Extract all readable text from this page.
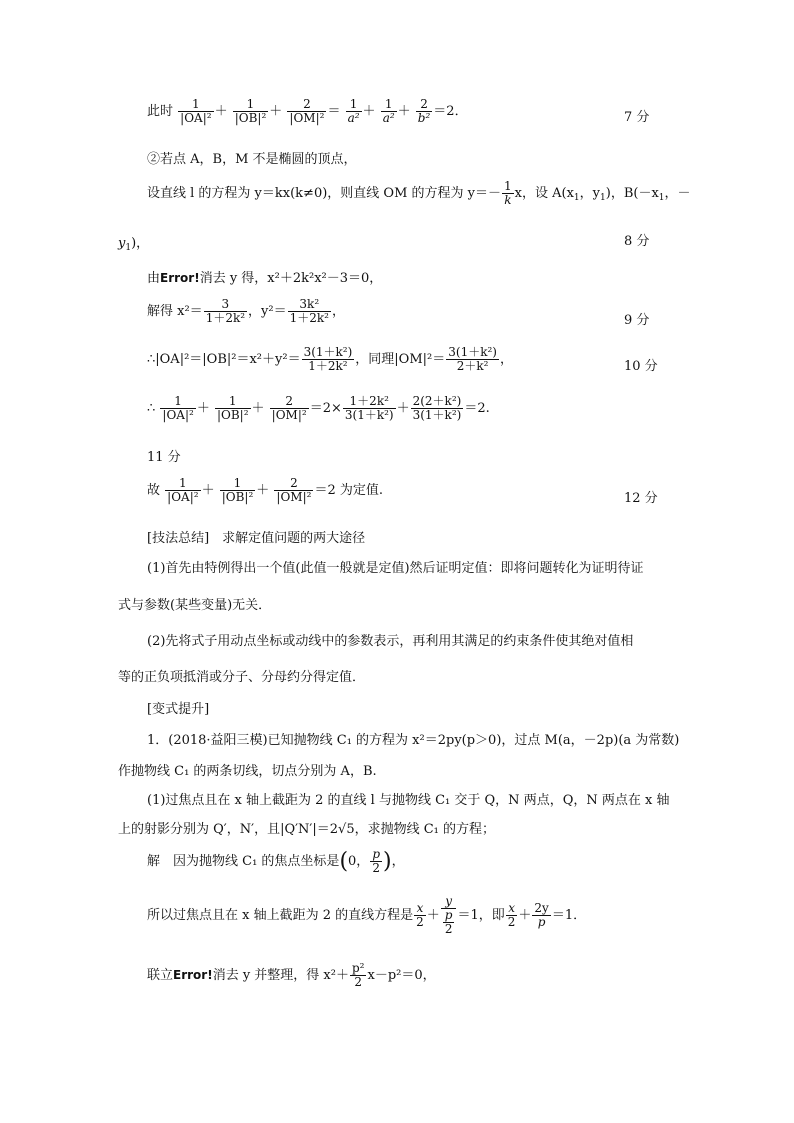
此时 $\frac{1}{\text{|OA|²}} + \frac{1}{\text{|OB|²}} + \frac{2}{\text{|OM|²}} = \frac{1}{\text{a²}} + \frac{1}{\text{a²}} + \frac{2}{\text{b²}} =2$．	7 分
②若点 A，B，M 不是椭圆的顶点，
设直线 l 的方程为 y＝kx(k≠0)，则直线 OM 的方程为 $y=- \frac{1}{k}$ x，设 $A(x_1$，$y_1$)，$B(-x_1$，－
$y_1$)，	8 分
由Error!消去 y 得，x²＋2k²x²－3＝0，
解得 $x^2= \frac{3}{\text{1＋2k²}}$ ，$y^2= \frac{\text{3k²}}{\text{1＋2k²}}$ ，
9 分
∴|OA|²＝|OB|²＝x²＋y²＝ $\frac{\text{3(1＋k²)}}{\text{1＋2k²}}$ ，同理$|OM|^2= \frac{\text{3(1＋k²)}}{\text{2＋k²}}$ ，	10 分
∴ $\frac{1}{\text{|OA|²}} + \frac{1}{\text{|OB|²}} + \frac{2}{\text{|OM|²}} =2\times \frac{\text{1＋2k²}}{\text{3(1＋k²)}} + \frac{\text{2(2＋k²)}}{\text{3(1＋k²)}} =2$.
11 分
故 $\frac{1}{\text{|OA|²}} + \frac{1}{\text{|OB|²}} + \frac{2}{\text{|OM|²}} =2$ 为定值.
12 分
[技法总结]　求解定值问题的两大途径
(1)首先由特例得出一个值(此值一般就是定值)然后证明定值：即将问题转化为证明待证
式与参数(某些变量)无关．
(2)先将式子用动点坐标或动线中的参数表示，再利用其满足的约束条件使其绝对值相
等的正负项抵消或分子、分母约分得定值．
[变式提升]
1．(2018·益阳三模)已知抛物线 C₁ 的方程为 x²＝2py(p＞0)，过点 M(a，－2p)(a 为常数)
作抛物线 C₁ 的两条切线，切点分别为 A，B.
(1)过焦点且在 x 轴上截距为 2 的直线 l 与抛物线 C₁ 交于 Q，N 两点，Q，N 两点在 x 轴
上的射影分别为 Q′，N′，且|Q′N′|＝2√5，求抛物线 C₁ 的方程；
解　因为抛物线 C₁ 的焦点坐标是(0， $\frac{p}{2}$ )，
所以过焦点且在 x 轴上截距为 2 的直线方程是 $\frac{x}{2} + \frac{y}{\frac{p}{2}} =1$，即 $\frac{x}{2} + \frac{2y}{p} =1$．
联立Error!消去 y 并整理，得 $x^2+ \frac{\text{p²}}{2} x-p^2=0$，
